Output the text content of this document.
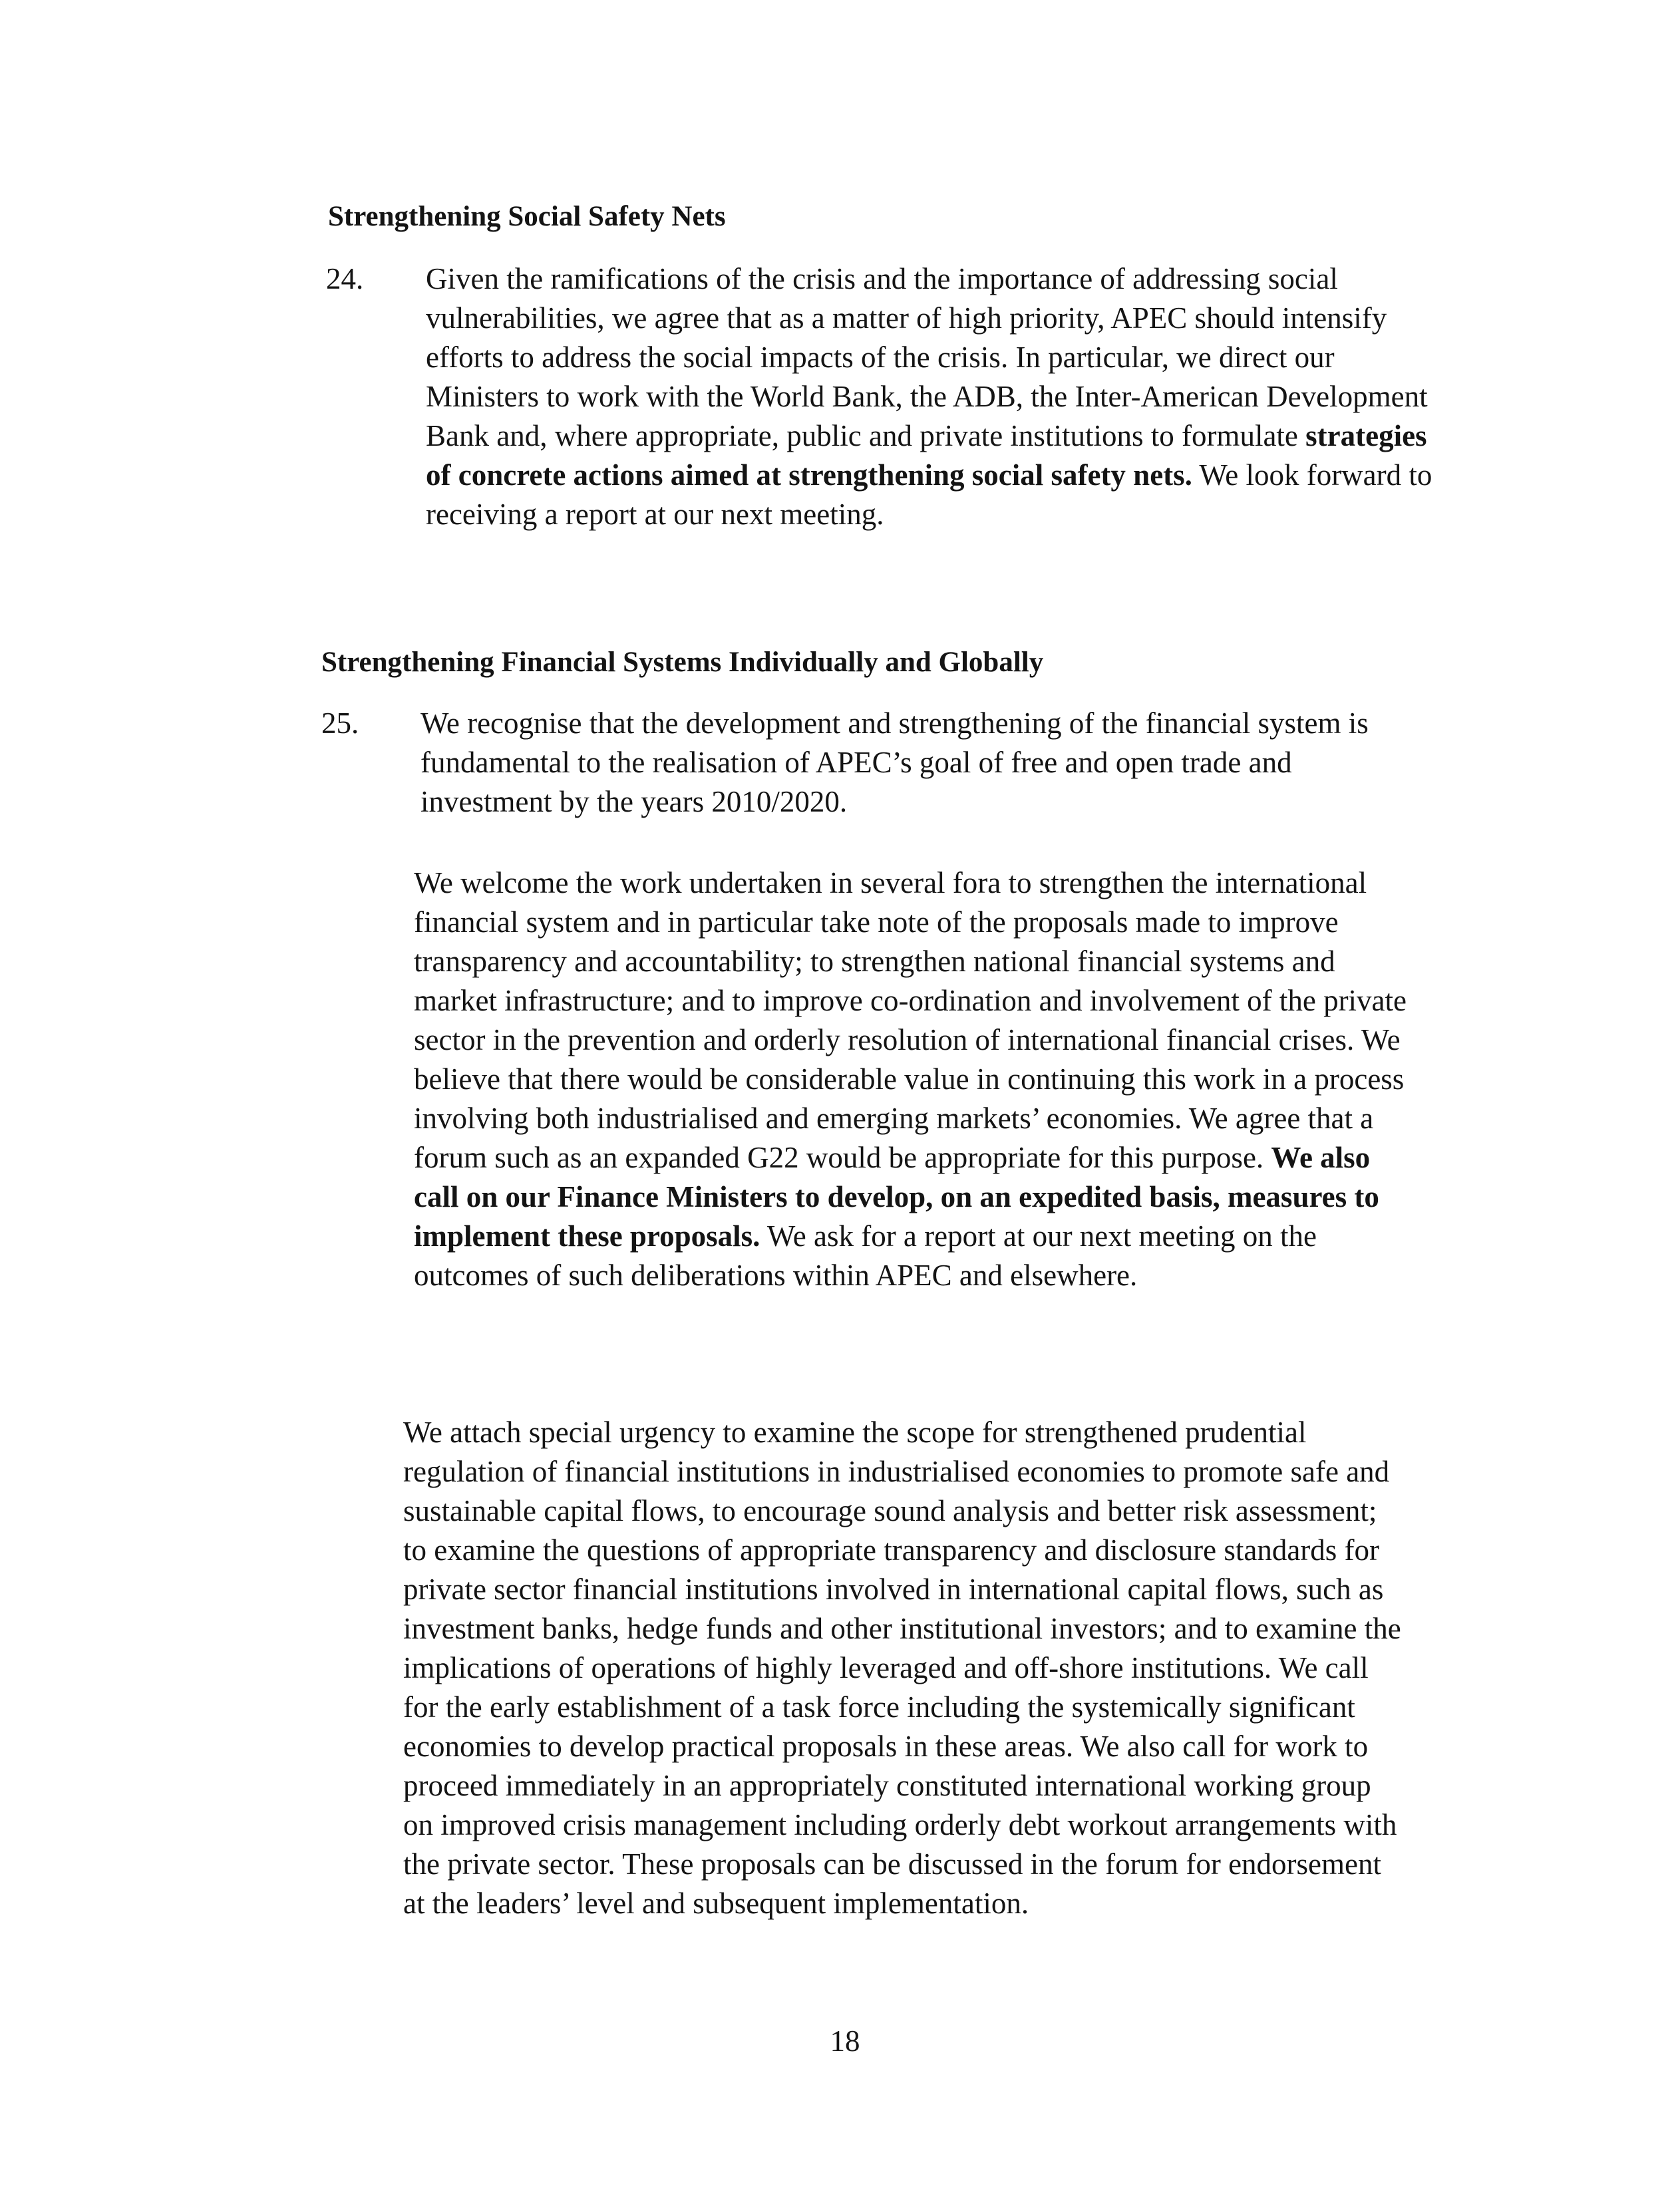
Strengthening Social Safety Nets
24. Given the ramifications of the crisis and the importance of addressing social vulnerabilities, we agree that as a matter of high priority, APEC should intensify efforts to address the social impacts of the crisis. In particular, we direct our Ministers to work with the World Bank, the ADB, the Inter-American Development Bank and, where appropriate, public and private institutions to formulate strategies of concrete actions aimed at strengthening social safety nets. We look forward to receiving a report at our next meeting.
Strengthening Financial Systems Individually and Globally
25. We recognise that the development and strengthening of the financial system is fundamental to the realisation of APEC’s goal of free and open trade and investment by the years 2010/2020.
We welcome the work undertaken in several fora to strengthen the international financial system and in particular take note of the proposals made to improve transparency and accountability; to strengthen national financial systems and market infrastructure; and to improve co-ordination and involvement of the private sector in the prevention and orderly resolution of international financial crises. We believe that there would be considerable value in continuing this work in a process involving both industrialised and emerging markets’ economies. We agree that a forum such as an expanded G22 would be appropriate for this purpose. We also call on our Finance Ministers to develop, on an expedited basis, measures to implement these proposals. We ask for a report at our next meeting on the outcomes of such deliberations within APEC and elsewhere.
We attach special urgency to examine the scope for strengthened prudential regulation of financial institutions in industrialised economies to promote safe and sustainable capital flows, to encourage sound analysis and better risk assessment; to examine the questions of appropriate transparency and disclosure standards for private sector financial institutions involved in international capital flows, such as investment banks, hedge funds and other institutional investors; and to examine the implications of operations of highly leveraged and off-shore institutions. We call for the early establishment of a task force including the systemically significant economies to develop practical proposals in these areas. We also call for work to proceed immediately in an appropriately constituted international working group on improved crisis management including orderly debt workout arrangements with the private sector. These proposals can be discussed in the forum for endorsement at the leaders’ level and subsequent implementation.
18
